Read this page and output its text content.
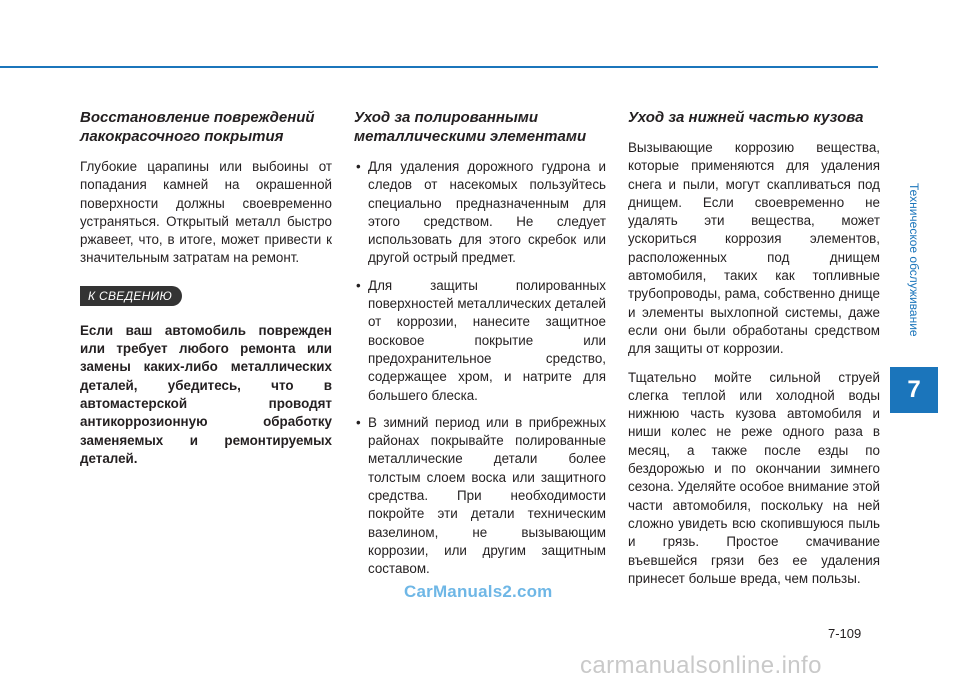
Восстановление повреждений лакокрасочного покрытия

Глубокие царапины или выбоины от попадания камней на окрашенной поверхности должны своевременно устраняться. Открытый металл быстро ржавеет, что, в итоге, может привести к значительным затратам на ремонт.

К СВЕДЕНИЮ

Если ваш автомобиль поврежден или требует любого ремонта или замены каких-либо металлических деталей, убедитесь, что в автомастерской проводят антикоррозионную обработку заменяемых и ремонтируемых деталей.

Уход за полированными металлическими элементами
• Для удаления дорожного гудрона и следов от насекомых пользуйтесь специально предназначенным для этого средством. Не следует использовать для этого скребок или другой острый предмет.
• Для защиты полированных поверхностей металлических деталей от коррозии, нанесите защитное восковое покрытие или предохранительное средство, содержащее хром, и натрите для большего блеска.
• В зимний период или в прибрежных районах покрывайте полированные металлические детали более толстым слоем воска или защитного средства. При необходимости покройте эти детали техническим вазелином, не вызывающим коррозии, или другим защитным составом.
Уход за нижней частью кузова

Вызывающие коррозию вещества, которые применяются для удаления снега и пыли, могут скапливаться под днищем. Если своевременно не удалять эти вещества, может ускориться коррозия элементов, расположенных под днищем автомобиля, таких как топливные трубопроводы, рама, собственно днище и элементы выхлопной системы, даже если они были обработаны средством для защиты от коррозии.

Тщательно мойте сильной струей слегка теплой или холодной воды нижнюю часть кузова автомобиля и ниши колес не реже одного раза в месяц, а также после езды по бездорожью и по окончании зимнего сезона. Уделяйте особое внимание этой части автомобиля, поскольку на ней сложно увидеть всю скопившуюся пыль и грязь. Простое смачивание въевшейся грязи без ее удаления принесет больше вреда, чем пользы.

Техническое обслуживание
7
7-109
CarManuals2.com
carmanualsonline.info
